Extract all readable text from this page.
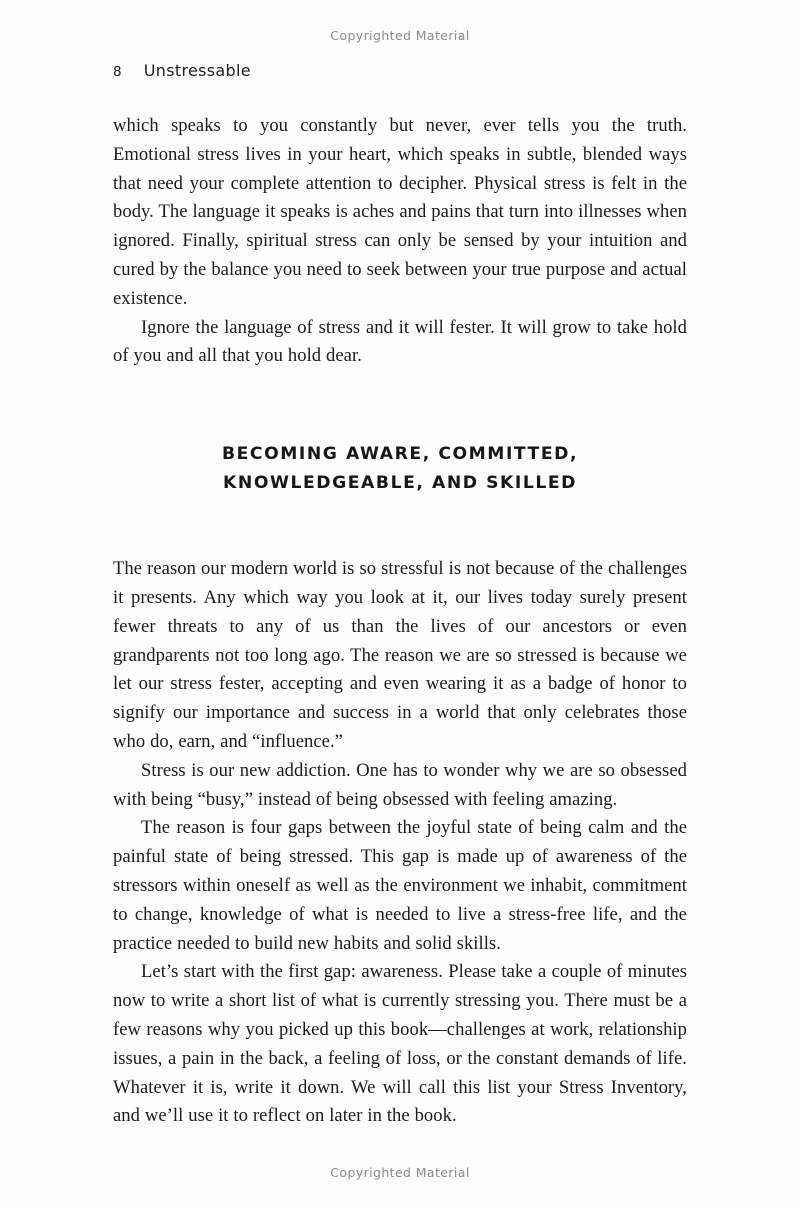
Copyrighted Material
8 Unstressable

which speaks to you constantly but never, ever tells you the truth. Emotional stress lives in your heart, which speaks in subtle, blended ways that need your complete attention to decipher. Physical stress is felt in the body. The language it speaks is aches and pains that turn into illnesses when ignored. Finally, spiritual stress can only be sensed by your intuition and cured by the balance you need to seek between your true purpose and actual existence.

Ignore the language of stress and it will fester. It will grow to take hold of you and all that you hold dear.

BECOMING AWARE, COMMITTED,
KNOWLEDGEABLE, AND SKILLED

The reason our modern world is so stressful is not because of the challenges it presents. Any which way you look at it, our lives today surely present fewer threats to any of us than the lives of our ancestors or even grandparents not too long ago. The reason we are so stressed is because we let our stress fester, accepting and even wearing it as a badge of honor to signify our importance and success in a world that only celebrates those who do, earn, and “influence.”

Stress is our new addiction. One has to wonder why we are so obsessed with being “busy,” instead of being obsessed with feeling amazing.

The reason is four gaps between the joyful state of being calm and the painful state of being stressed. This gap is made up of awareness of the stressors within oneself as well as the environment we inhabit, commitment to change, knowledge of what is needed to live a stress-free life, and the practice needed to build new habits and solid skills.

Let’s start with the first gap: awareness. Please take a couple of minutes now to write a short list of what is currently stressing you. There must be a few reasons why you picked up this book—challenges at work, relationship issues, a pain in the back, a feeling of loss, or the constant demands of life. Whatever it is, write it down. We will call this list your Stress Inventory, and we’ll use it to reflect on later in the book.

Copyrighted Material
